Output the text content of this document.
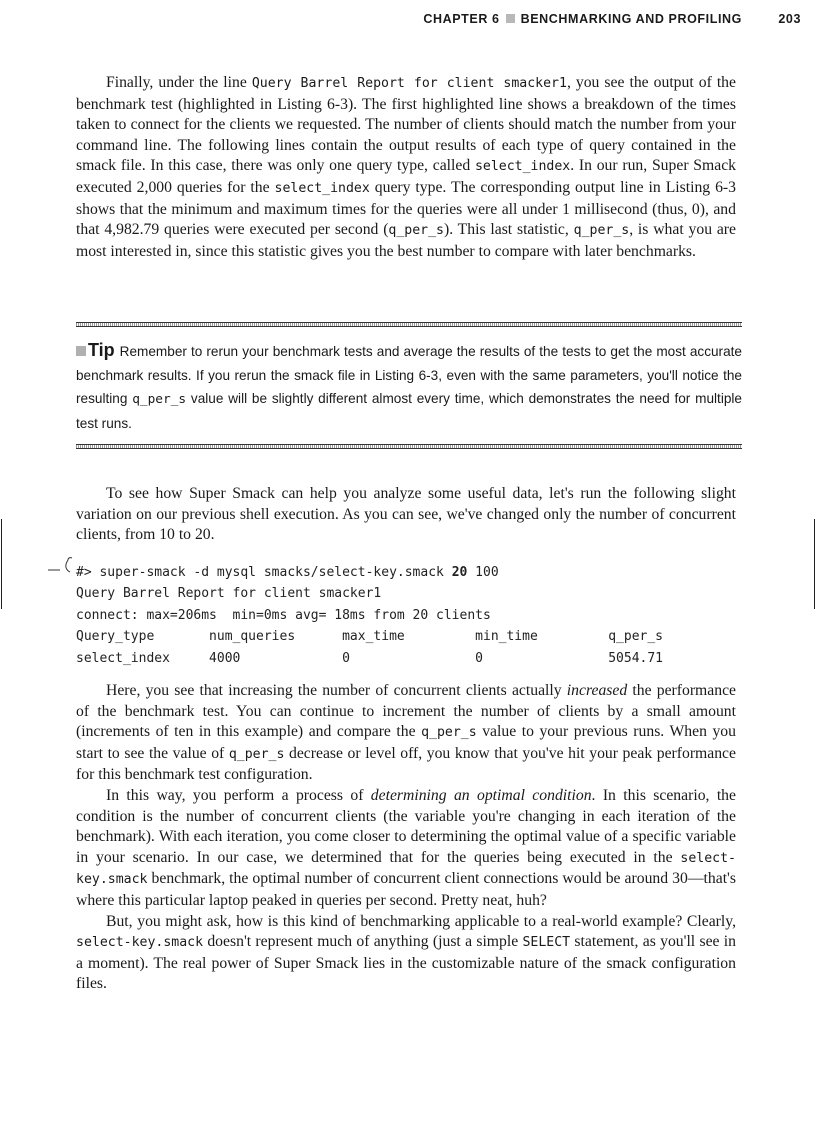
CHAPTER 6 BENCHMARKING AND PROFILING	203

Finally, under the line Query Barrel Report for client smacker1, you see the output of the benchmark test (highlighted in Listing 6-3). The first highlighted line shows a breakdown of the times taken to connect for the clients we requested. The number of clients should match the number from your command line. The following lines contain the output results of each type of query contained in the smack file. In this case, there was only one query type, called select_index. In our run, Super Smack executed 2,000 queries for the select_index query type. The corresponding output line in Listing 6-3 shows that the minimum and maximum times for the queries were all under 1 millisecond (thus, 0), and that 4,982.79 queries were executed per second (q_per_s). This last statistic, q_per_s, is what you are most interested in, since this statistic gives you the best number to compare with later benchmarks.

Tip Remember to rerun your benchmark tests and average the results of the tests to get the most accurate benchmark results. If you rerun the smack file in Listing 6-3, even with the same parameters, you'll notice the resulting q_per_s value will be slightly different almost every time, which demonstrates the need for multiple test runs.

To see how Super Smack can help you analyze some useful data, let's run the following slight variation on our previous shell execution. As you can see, we've changed only the number of concurrent clients, from 10 to 20.

#> super-smack -d mysql smacks/select-key.smack 20 100
Query Barrel Report for client smacker1
connect: max=206ms  min=0ms avg= 18ms from 20 clients
Query_type       num_queries      max_time         min_time         q_per_s
select_index     4000             0                0                5054.71

Here, you see that increasing the number of concurrent clients actually increased the performance of the benchmark test. You can continue to increment the number of clients by a small amount (increments of ten in this example) and compare the q_per_s value to your previous runs. When you start to see the value of q_per_s decrease or level off, you know that you've hit your peak performance for this benchmark test configuration.

In this way, you perform a process of determining an optimal condition. In this scenario, the condition is the number of concurrent clients (the variable you're changing in each iteration of the benchmark). With each iteration, you come closer to determining the optimal value of a specific variable in your scenario. In our case, we determined that for the queries being executed in the select-key.smack benchmark, the optimal number of concurrent client connections would be around 30—that's where this particular laptop peaked in queries per second. Pretty neat, huh?

But, you might ask, how is this kind of benchmarking applicable to a real-world example? Clearly, select-key.smack doesn't represent much of anything (just a simple SELECT statement, as you'll see in a moment). The real power of Super Smack lies in the customizable nature of the smack configuration files.
